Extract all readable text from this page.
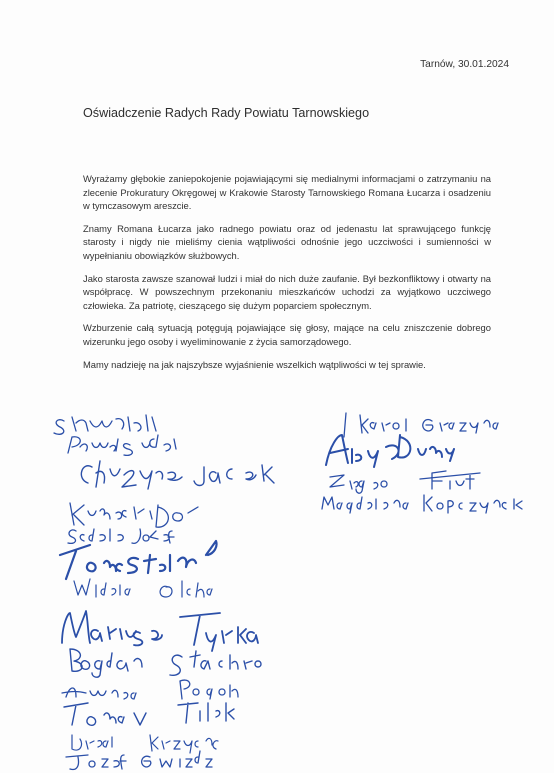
Tarnów, 30.01.2024
Oświadczenie Radych Rady Powiatu Tarnowskiego

Wyrażamy głębokie zaniepokojenie pojawiającymi się medialnymi informacjami o zatrzymaniu na zlecenie Prokuratury Okręgowej w Krakowie Starosty Tarnowskiego Romana Łucarza i osadzeniu w tymczasowym areszcie.

Znamy Romana Łucarza jako radnego powiatu oraz od jedenastu lat sprawującego funkcję starosty i nigdy nie mieliśmy cienia wątpliwości odnośnie jego uczciwości i sumienności w wypełnianiu obowiązków służbowych.

Jako starosta zawsze szanował ludzi i miał do nich duże zaufanie. Był bezkonfliktowy i otwarty na współpracę. W powszechnym przekonaniu mieszkańców uchodzi za wyjątkowo uczciwego człowieka. Za patriotę, cieszącego się dużym poparciem społecznym.

Wzburzenie całą sytuacją potęgują pojawiające się głosy, mające na celu zniszczenie dobrego wizerunku jego osoby i wyeliminowanie z życia samorządowego.

Mamy nadzieję na jak najszybsze wyjaśnienie wszelkich wątpliwości w tej sprawie.
